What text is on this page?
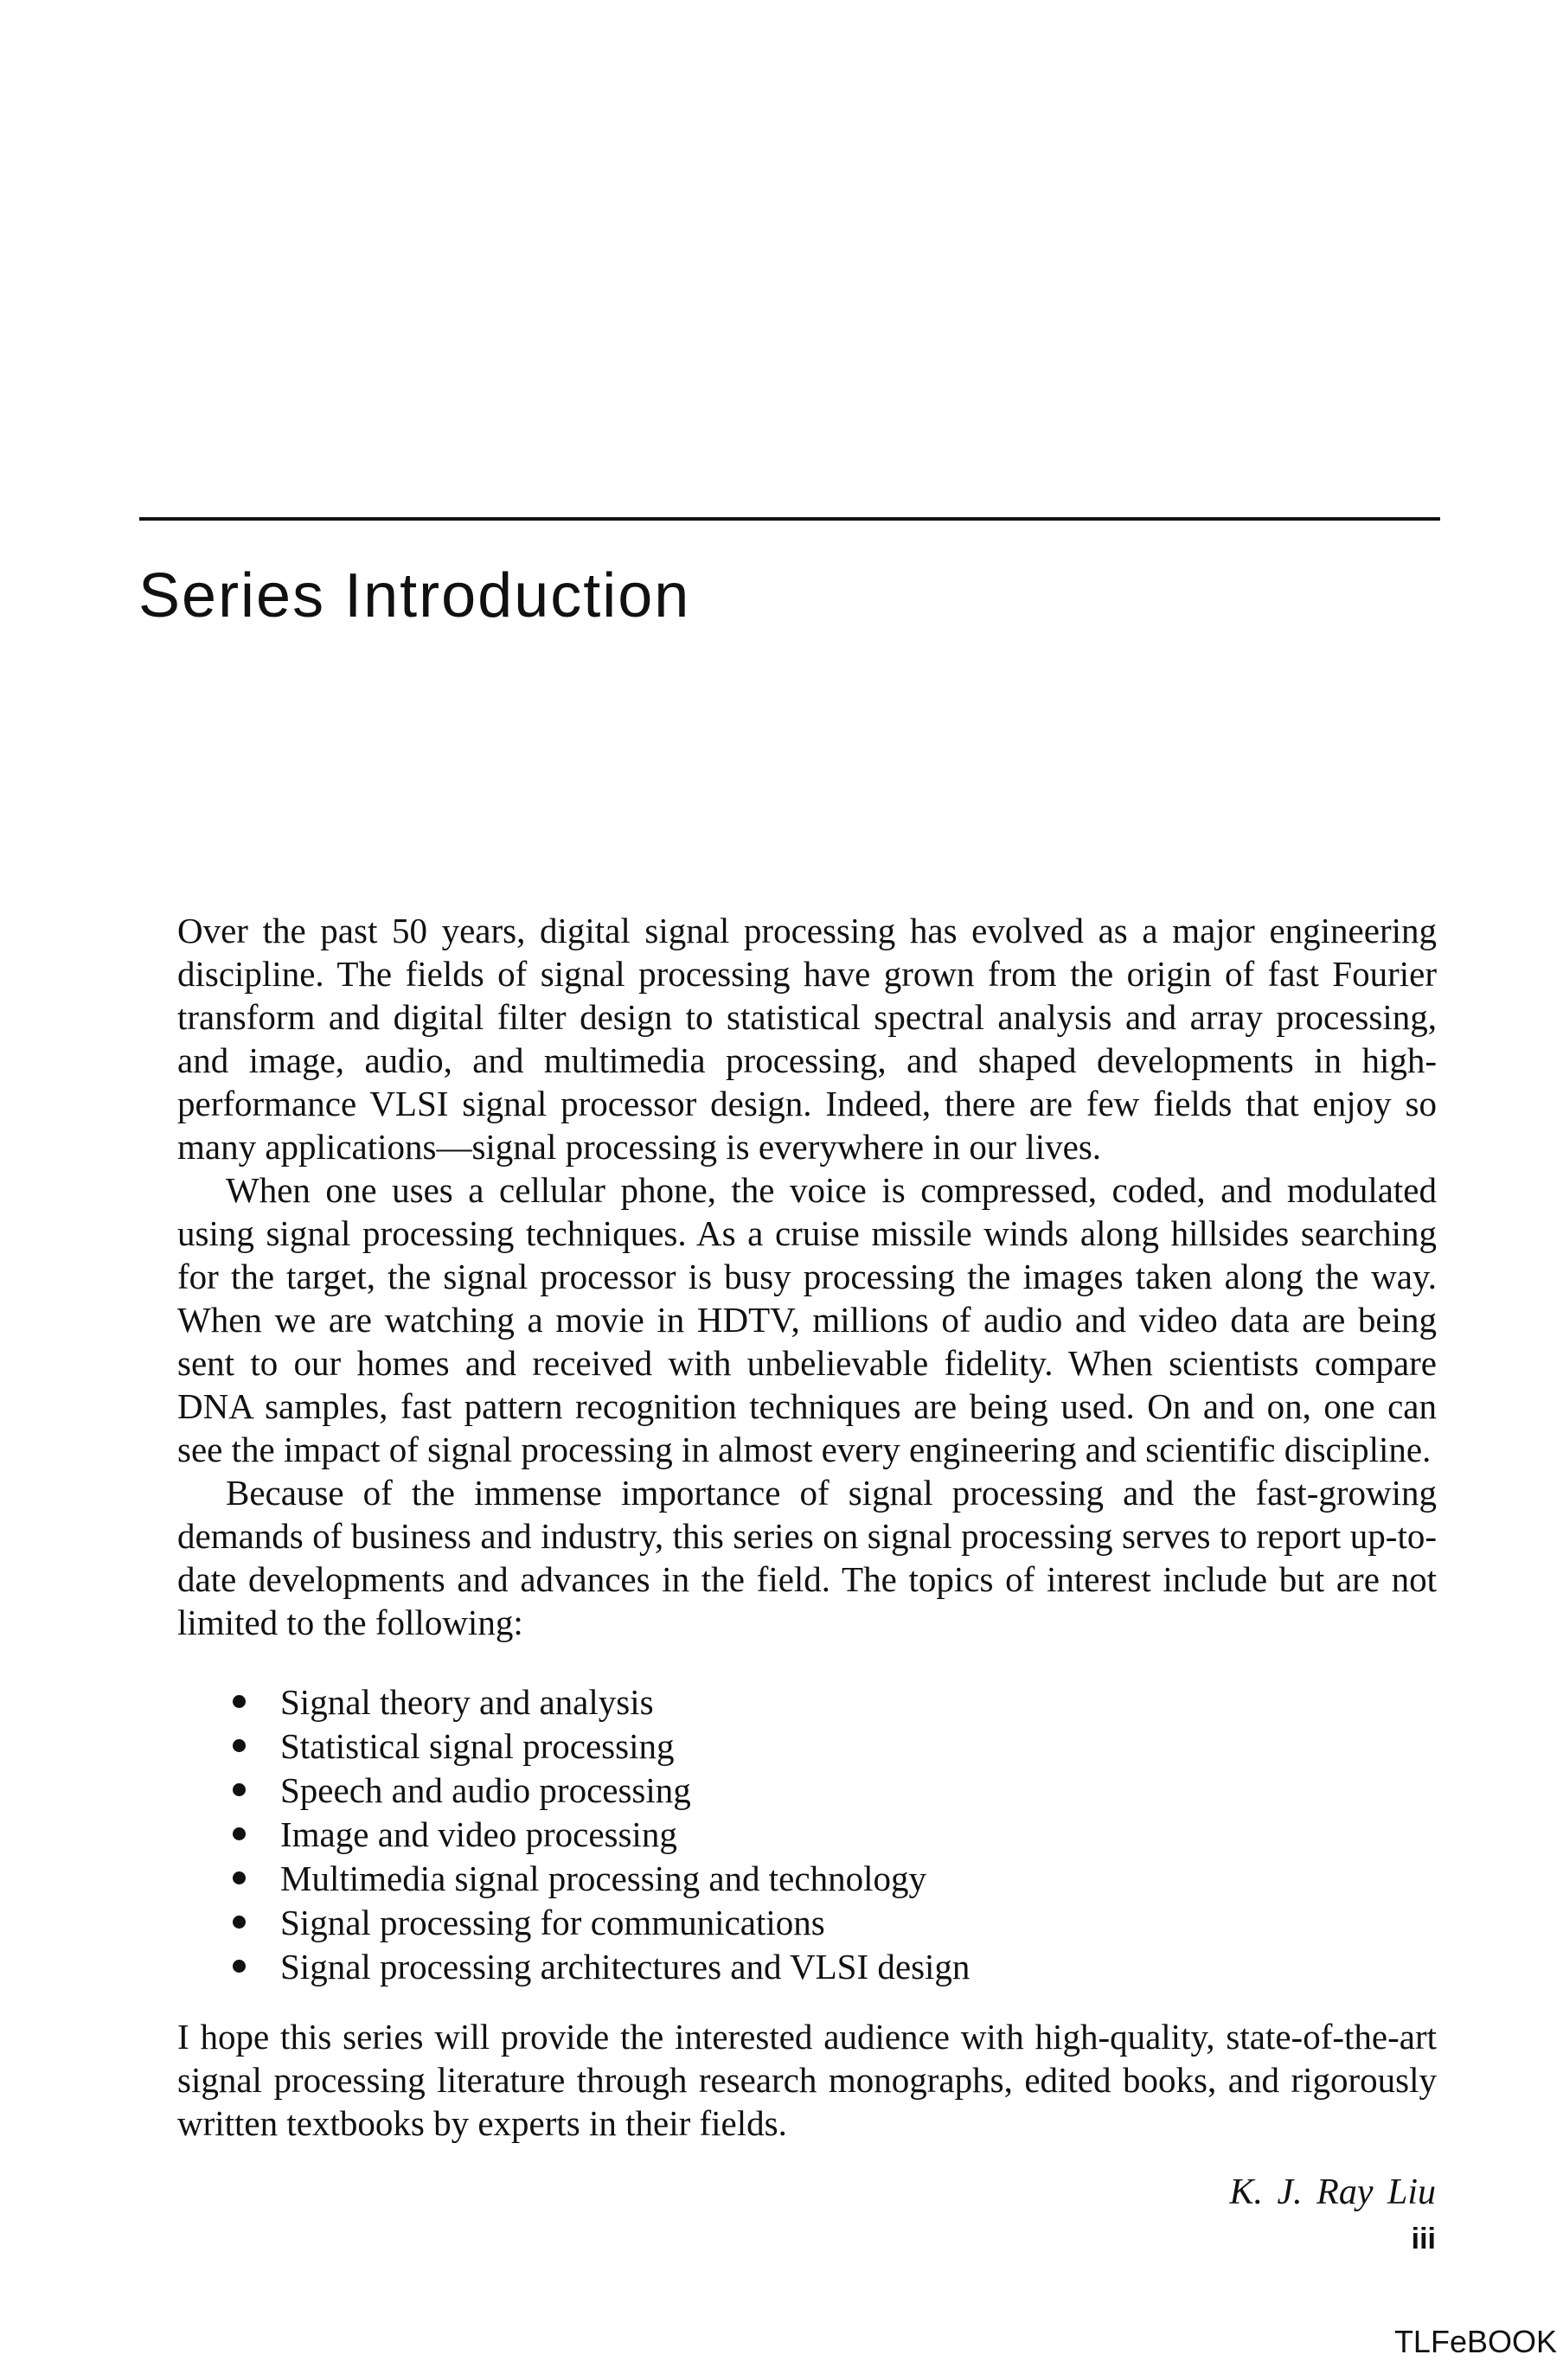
Series Introduction

Over the past 50 years, digital signal processing has evolved as a major engineering discipline. The fields of signal processing have grown from the origin of fast Fourier transform and digital filter design to statistical spectral analysis and array processing, and image, audio, and multimedia processing, and shaped developments in high-performance VLSI signal processor design. Indeed, there are few fields that enjoy so many applications—signal processing is everywhere in our lives.

When one uses a cellular phone, the voice is compressed, coded, and modulated using signal processing techniques. As a cruise missile winds along hillsides searching for the target, the signal processor is busy processing the images taken along the way. When we are watching a movie in HDTV, millions of audio and video data are being sent to our homes and received with unbelievable fidelity. When scientists compare DNA samples, fast pattern recognition techniques are being used. On and on, one can see the impact of signal processing in almost every engineering and scientific discipline.

Because of the immense importance of signal processing and the fast-growing demands of business and industry, this series on signal processing serves to report up-to-date developments and advances in the field. The topics of interest include but are not limited to the following:

Signal theory and analysis
Statistical signal processing
Speech and audio processing
Image and video processing
Multimedia signal processing and technology
Signal processing for communications
Signal processing architectures and VLSI design

I hope this series will provide the interested audience with high-quality, state-of-the-art signal processing literature through research monographs, edited books, and rigorously written textbooks by experts in their fields.

K. J. Ray Liu
iii
TLFeBOOK
